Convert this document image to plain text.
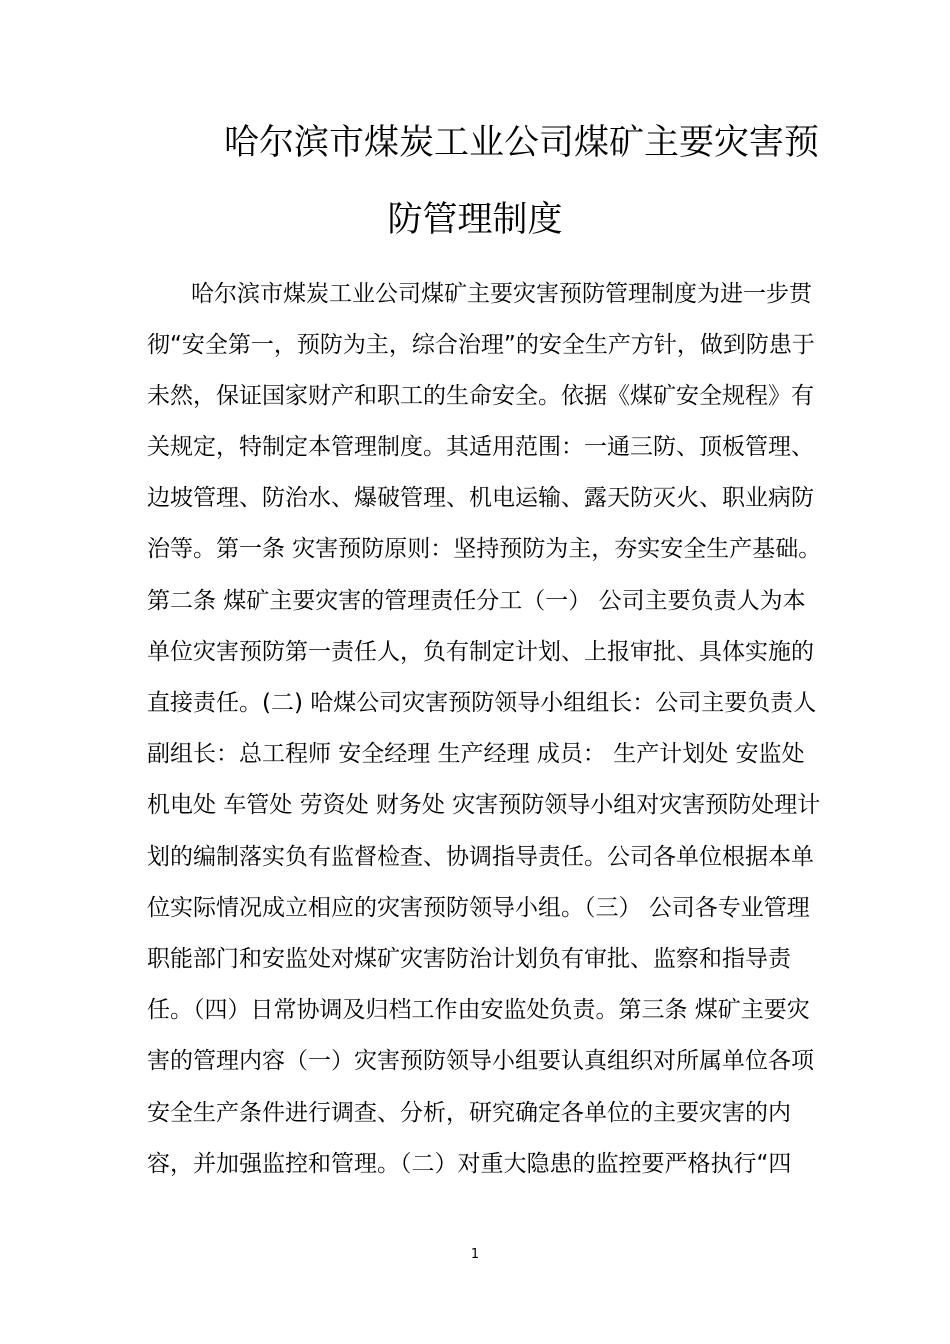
哈尔滨市煤炭工业公司煤矿主要灾害预
防管理制度
哈尔滨市煤炭工业公司煤矿主要灾害预防管理制度为进一步贯
彻“安全第一，预防为主，综合治理”的安全生产方针，做到防患于
未然，保证国家财产和职工的生命安全。依据《煤矿安全规程》有
关规定，特制定本管理制度。其适用范围：一通三防、顶板管理、
边坡管理、防治水、爆破管理、机电运输、露天防灭火、职业病防
治等。第一条 灾害预防原则：坚持预防为主，夯实安全生产基础。
第二条 煤矿主要灾害的管理责任分工（一） 公司主要负责人为本
单位灾害预防第一责任人，负有制定计划、上报审批、具体实施的
直接责任。(二) 哈煤公司灾害预防领导小组组长：公司主要负责人
副组长：总工程师 安全经理 生产经理 成员： 生产计划处 安监处
机电处 车管处 劳资处 财务处 灾害预防领导小组对灾害预防处理计
划的编制落实负有监督检查、协调指导责任。公司各单位根据本单
位实际情况成立相应的灾害预防领导小组。（三） 公司各专业管理
职能部门和安监处对煤矿灾害防治计划负有审批、监察和指导责
任。（四）日常协调及归档工作由安监处负责。第三条 煤矿主要灾
害的管理内容（一）灾害预防领导小组要认真组织对所属单位各项
安全生产条件进行调查、分析，研究确定各单位的主要灾害的内
容，并加强监控和管理。（二）对重大隐患的监控要严格执行“四
1
